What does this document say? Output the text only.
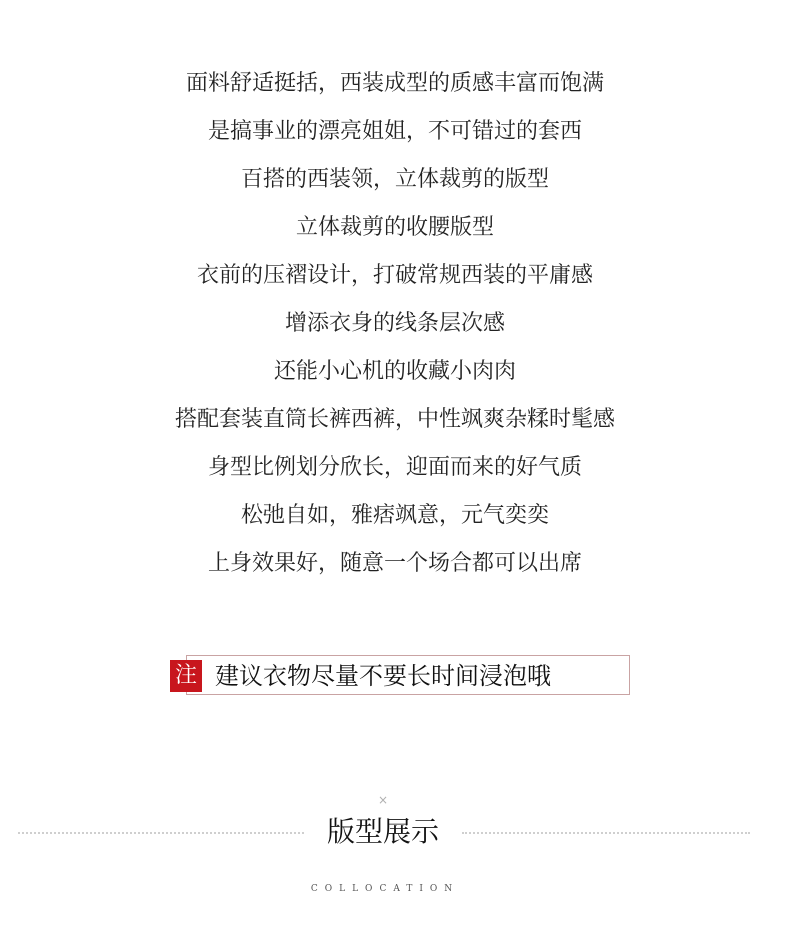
面料舒适挺括，西装成型的质感丰富而饱满
是搞事业的漂亮姐姐，不可错过的套西
百搭的西装领，立体裁剪的版型
立体裁剪的收腰版型
衣前的压褶设计，打破常规西装的平庸感
增添衣身的线条层次感
还能小心机的收藏小肉肉
搭配套装直筒长裤西裤，中性飒爽杂糅时髦感
身型比例划分欣长，迎面而来的好气质
松弛自如，雅痞飒意，元气奕奕
上身效果好，随意一个场合都可以出席
注 建议衣物尽量不要长时间浸泡哦
×
版型展示
COLLOCATION
